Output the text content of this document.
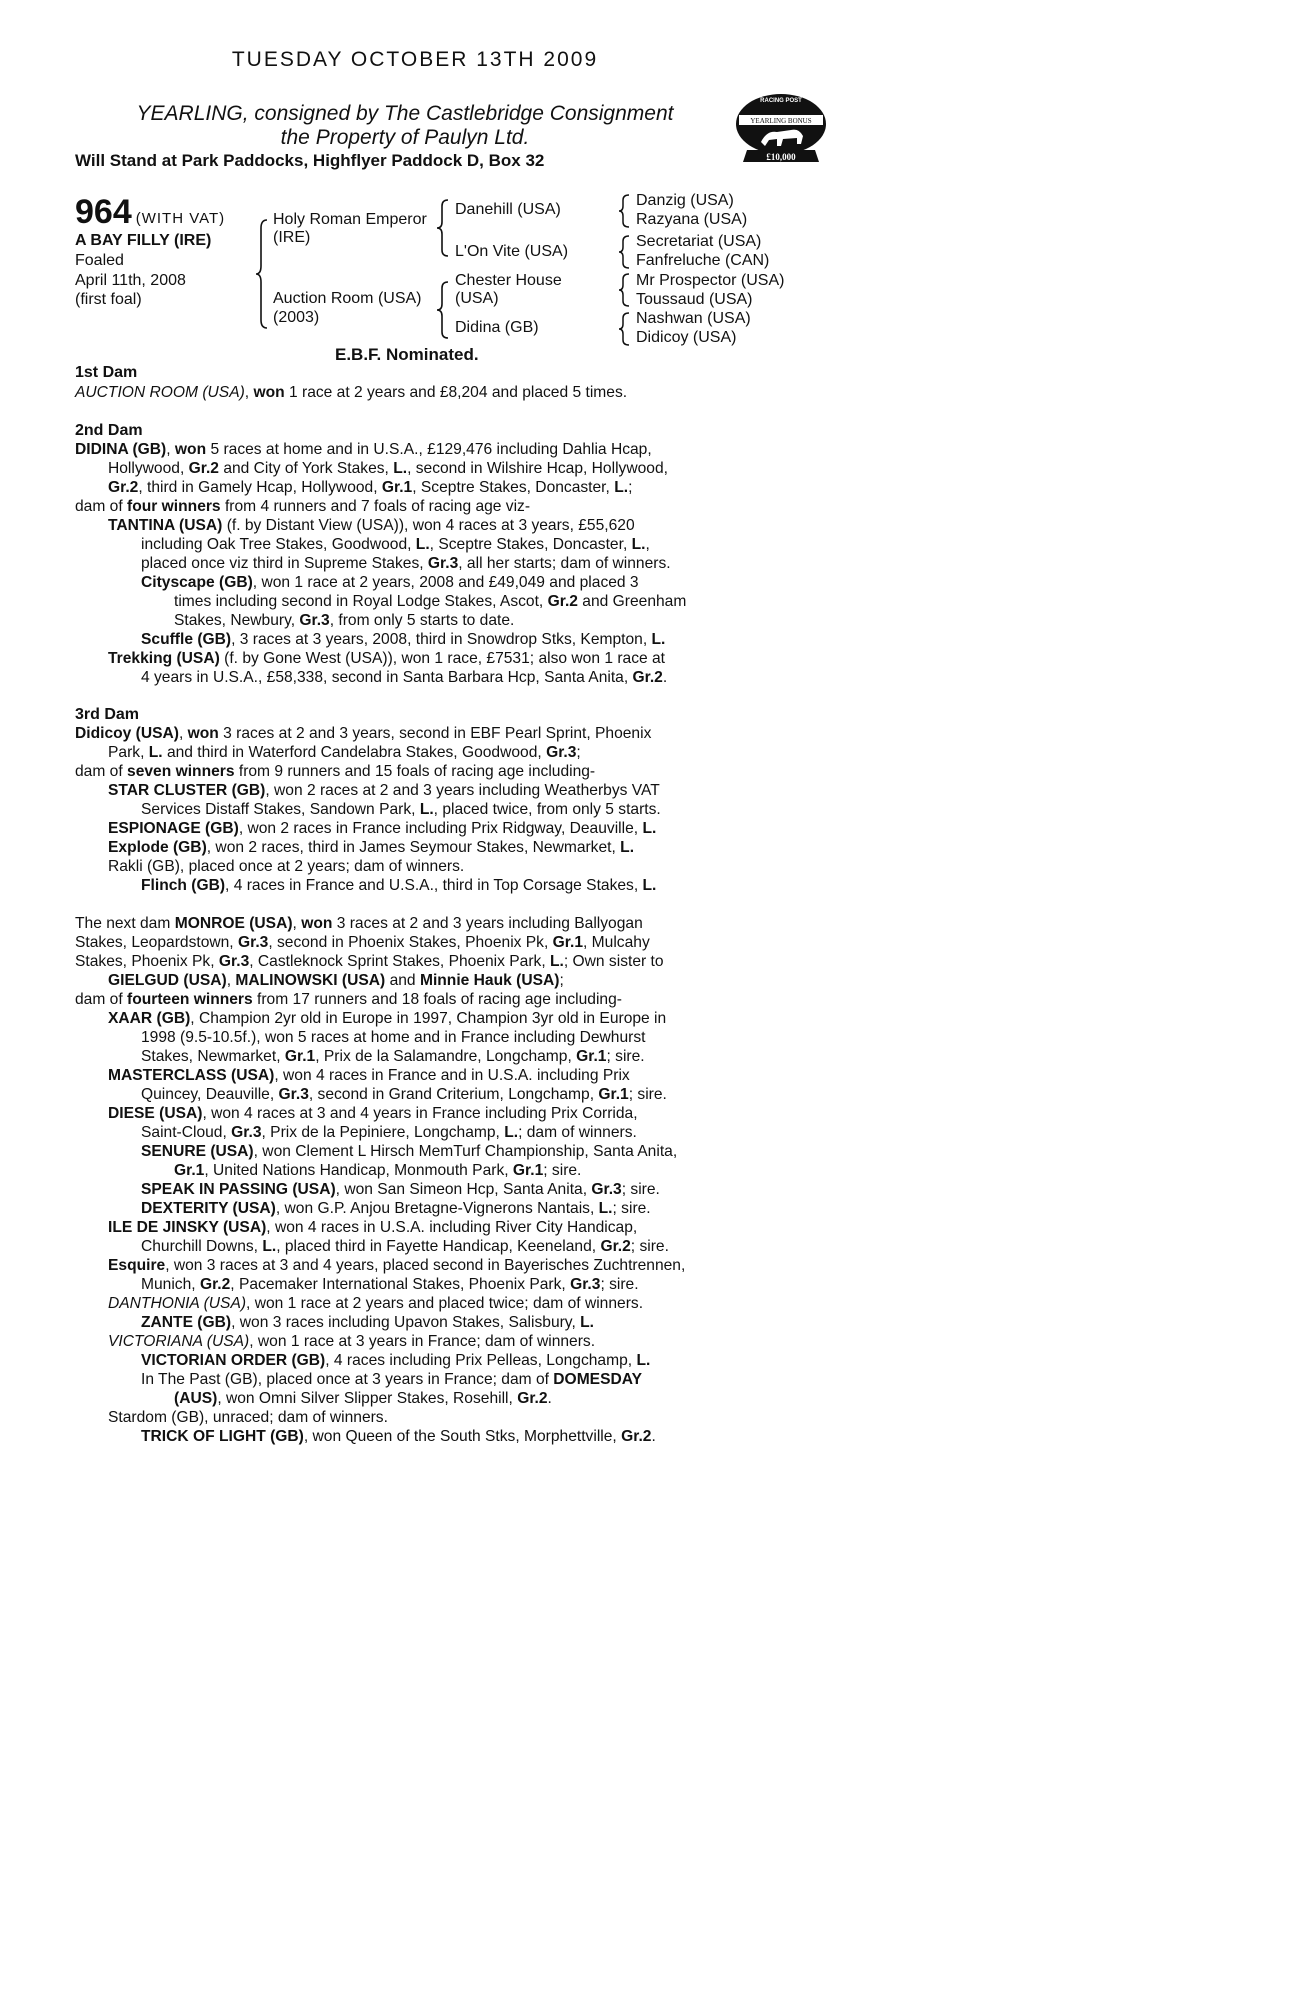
TUESDAY OCTOBER 13TH 2009
YEARLING, consigned by The Castlebridge Consignment
the Property of Paulyn Ltd.
Will Stand at Park Paddocks, Highflyer Paddock D, Box 32
RACING POST
YEARLING BONUS
£10,000
964 (WITH VAT)
A BAY FILLY (IRE)
Foaled
April 11th, 2008
(first foal)
Holy Roman Emperor
(IRE)
Auction Room (USA)
(2003)
Danehill (USA)
L'On Vite (USA)
Chester House
(USA)
Didina (GB)
Danzig (USA)
Razyana (USA)
Secretariat (USA)
Fanfreluche (CAN)
Mr Prospector (USA)
Toussaud (USA)
Nashwan (USA)
Didicoy (USA)
E.B.F. Nominated.
1st Dam
AUCTION ROOM (USA), won 1 race at 2 years and £8,204 and placed 5 times.
2nd Dam
DIDINA (GB), won 5 races at home and in U.S.A., £129,476 including Dahlia Hcap,
Hollywood, Gr.2 and City of York Stakes, L., second in Wilshire Hcap, Hollywood,
Gr.2, third in Gamely Hcap, Hollywood, Gr.1, Sceptre Stakes, Doncaster, L.;
dam of four winners from 4 runners and 7 foals of racing age viz-
TANTINA (USA) (f. by Distant View (USA)), won 4 races at 3 years, £55,620
including Oak Tree Stakes, Goodwood, L., Sceptre Stakes, Doncaster, L.,
placed once viz third in Supreme Stakes, Gr.3, all her starts; dam of winners.
Cityscape (GB), won 1 race at 2 years, 2008 and £49,049 and placed 3
times including second in Royal Lodge Stakes, Ascot, Gr.2 and Greenham
Stakes, Newbury, Gr.3, from only 5 starts to date.
Scuffle (GB), 3 races at 3 years, 2008, third in Snowdrop Stks, Kempton, L.
Trekking (USA) (f. by Gone West (USA)), won 1 race, £7531; also won 1 race at
4 years in U.S.A., £58,338, second in Santa Barbara Hcp, Santa Anita, Gr.2.
3rd Dam
Didicoy (USA), won 3 races at 2 and 3 years, second in EBF Pearl Sprint, Phoenix
Park, L. and third in Waterford Candelabra Stakes, Goodwood, Gr.3;
dam of seven winners from 9 runners and 15 foals of racing age including-
STAR CLUSTER (GB), won 2 races at 2 and 3 years including Weatherbys VAT
Services Distaff Stakes, Sandown Park, L., placed twice, from only 5 starts.
ESPIONAGE (GB), won 2 races in France including Prix Ridgway, Deauville, L.
Explode (GB), won 2 races, third in James Seymour Stakes, Newmarket, L.
Rakli (GB), placed once at 2 years; dam of winners.
Flinch (GB), 4 races in France and U.S.A., third in Top Corsage Stakes, L.
The next dam MONROE (USA), won 3 races at 2 and 3 years including Ballyogan
Stakes, Leopardstown, Gr.3, second in Phoenix Stakes, Phoenix Pk, Gr.1, Mulcahy
Stakes, Phoenix Pk, Gr.3, Castleknock Sprint Stakes, Phoenix Park, L.; Own sister to
GIELGUD (USA), MALINOWSKI (USA) and Minnie Hauk (USA);
dam of fourteen winners from 17 runners and 18 foals of racing age including-
XAAR (GB), Champion 2yr old in Europe in 1997, Champion 3yr old in Europe in
1998 (9.5-10.5f.), won 5 races at home and in France including Dewhurst
Stakes, Newmarket, Gr.1, Prix de la Salamandre, Longchamp, Gr.1; sire.
MASTERCLASS (USA), won 4 races in France and in U.S.A. including Prix
Quincey, Deauville, Gr.3, second in Grand Criterium, Longchamp, Gr.1; sire.
DIESE (USA), won 4 races at 3 and 4 years in France including Prix Corrida,
Saint-Cloud, Gr.3, Prix de la Pepiniere, Longchamp, L.; dam of winners.
SENURE (USA), won Clement L Hirsch MemTurf Championship, Santa Anita,
Gr.1, United Nations Handicap, Monmouth Park, Gr.1; sire.
SPEAK IN PASSING (USA), won San Simeon Hcp, Santa Anita, Gr.3; sire.
DEXTERITY (USA), won G.P. Anjou Bretagne-Vignerons Nantais, L.; sire.
ILE DE JINSKY (USA), won 4 races in U.S.A. including River City Handicap,
Churchill Downs, L., placed third in Fayette Handicap, Keeneland, Gr.2; sire.
Esquire, won 3 races at 3 and 4 years, placed second in Bayerisches Zuchtrennen,
Munich, Gr.2, Pacemaker International Stakes, Phoenix Park, Gr.3; sire.
DANTHONIA (USA), won 1 race at 2 years and placed twice; dam of winners.
ZANTE (GB), won 3 races including Upavon Stakes, Salisbury, L.
VICTORIANA (USA), won 1 race at 3 years in France; dam of winners.
VICTORIAN ORDER (GB), 4 races including Prix Pelleas, Longchamp, L.
In The Past (GB), placed once at 3 years in France; dam of DOMESDAY
(AUS), won Omni Silver Slipper Stakes, Rosehill, Gr.2.
Stardom (GB), unraced; dam of winners.
TRICK OF LIGHT (GB), won Queen of the South Stks, Morphettville, Gr.2.
